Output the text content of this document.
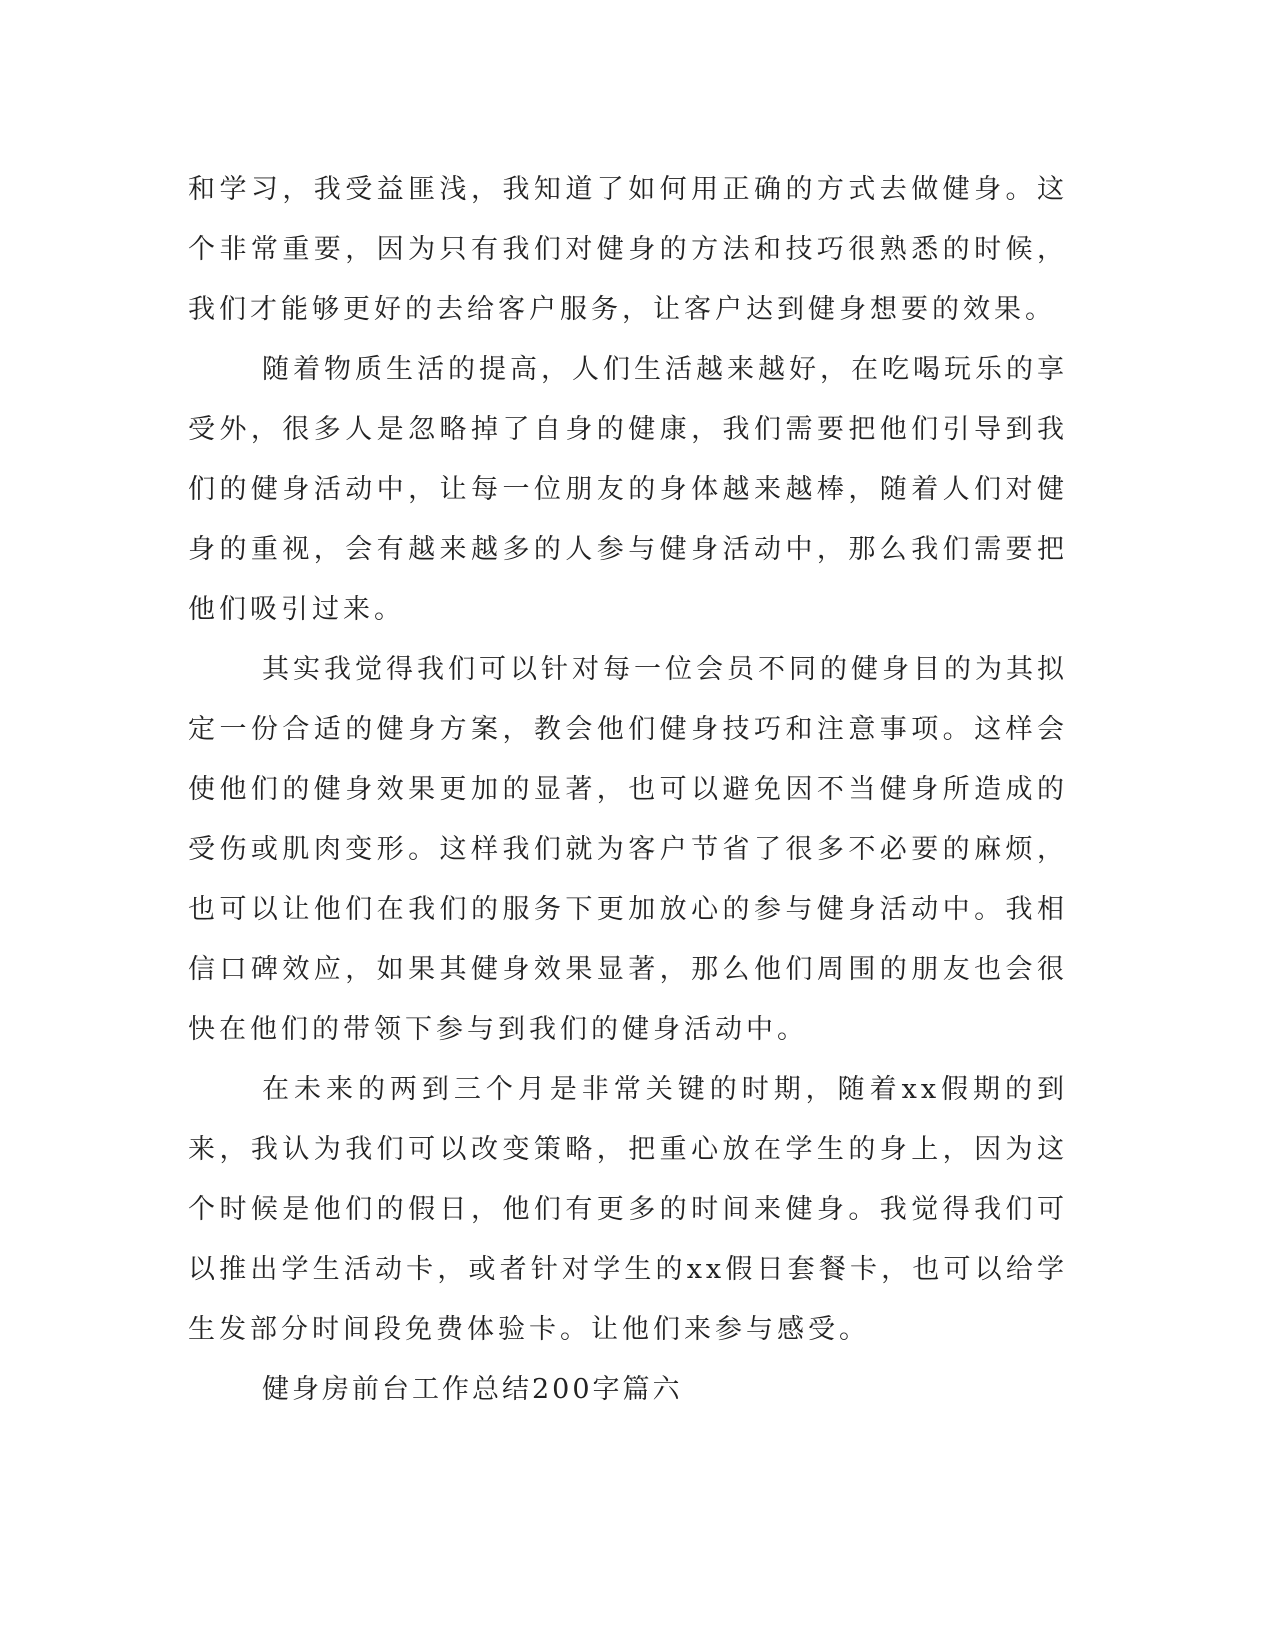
和学习，我受益匪浅，我知道了如何用正确的方式去做健身。这个非常重要，因为只有我们对健身的方法和技巧很熟悉的时候，我们才能够更好的去给客户服务，让客户达到健身想要的效果。

随着物质生活的提高，人们生活越来越好，在吃喝玩乐的享受外，很多人是忽略掉了自身的健康，我们需要把他们引导到我们的健身活动中，让每一位朋友的身体越来越棒，随着人们对健身的重视，会有越来越多的人参与健身活动中，那么我们需要把他们吸引过来。

其实我觉得我们可以针对每一位会员不同的健身目的为其拟定一份合适的健身方案，教会他们健身技巧和注意事项。这样会使他们的健身效果更加的显著，也可以避免因不当健身所造成的受伤或肌肉变形。这样我们就为客户节省了很多不必要的麻烦，也可以让他们在我们的服务下更加放心的参与健身活动中。我相信口碑效应，如果其健身效果显著，那么他们周围的朋友也会很快在他们的带领下参与到我们的健身活动中。

在未来的两到三个月是非常关键的时期，随着xx假期的到来，我认为我们可以改变策略，把重心放在学生的身上，因为这个时候是他们的假日，他们有更多的时间来健身。我觉得我们可以推出学生活动卡，或者针对学生的xx假日套餐卡，也可以给学生发部分时间段免费体验卡。让他们来参与感受。

健身房前台工作总结200字篇六
